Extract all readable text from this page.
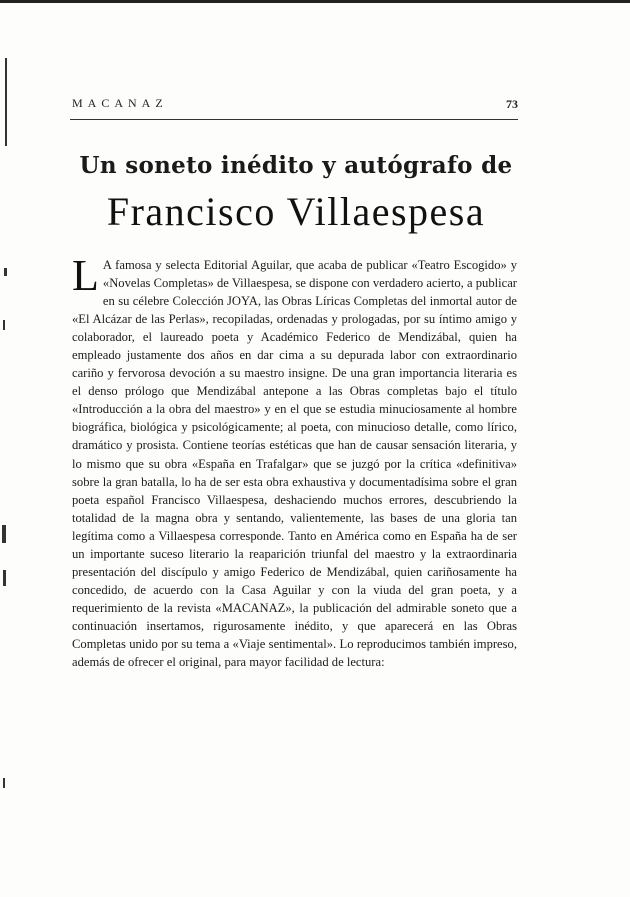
MACANAZ	73
Un soneto inédito y autógrafo de
Francisco Villaespesa
L A famosa y selecta Editorial Aguilar, que acaba de publicar «Teatro Escogido» y «Novelas Completas» de Villaespesa, se dispone con verdadero acierto, a publicar en su célebre Colección JOYA, las Obras Líricas Completas del inmortal autor de «El Alcázar de las Perlas», recopiladas, ordenadas y prologadas, por su íntimo amigo y colaborador, el laureado poeta y Académico Federico de Mendizábal, quien ha empleado justamente dos años en dar cima a su depurada labor con extraordinario cariño y fervorosa devoción a su maestro insigne. De una gran importancia literaria es el denso prólogo que Mendizábal antepone a las Obras completas bajo el título «Introducción a la obra del maestro» y en el que se estudia minuciosamente al hombre biográfica, biológica y psicológicamente; al poeta, con minucioso detalle, como lírico, dramático y prosista. Contiene teorías estéticas que han de causar sensación literaria, y lo mismo que su obra «España en Trafalgar» que se juzgó por la crítica «definitiva» sobre la gran batalla, lo ha de ser esta obra exhaustiva y documentadísima sobre el gran poeta español Francisco Villaespesa, deshaciendo muchos errores, descubriendo la totalidad de la magna obra y sentando, valientemente, las bases de una gloria tan legítima como a Villaespesa corresponde. Tanto en América como en España ha de ser un importante suceso literario la reaparición triunfal del maestro y la extraordinaria presentación del discípulo y amigo Federico de Mendizábal, quien cariñosamente ha concedido, de acuerdo con la Casa Aguilar y con la viuda del gran poeta, y a requerimiento de la revista «MACANAZ», la publicación del admirable soneto que a continuación insertamos, rigurosamente inédito, y que aparecerá en las Obras Completas unido por su tema a «Viaje sentimental». Lo reproducimos también impreso, además de ofrecer el original, para mayor facilidad de lectura:
